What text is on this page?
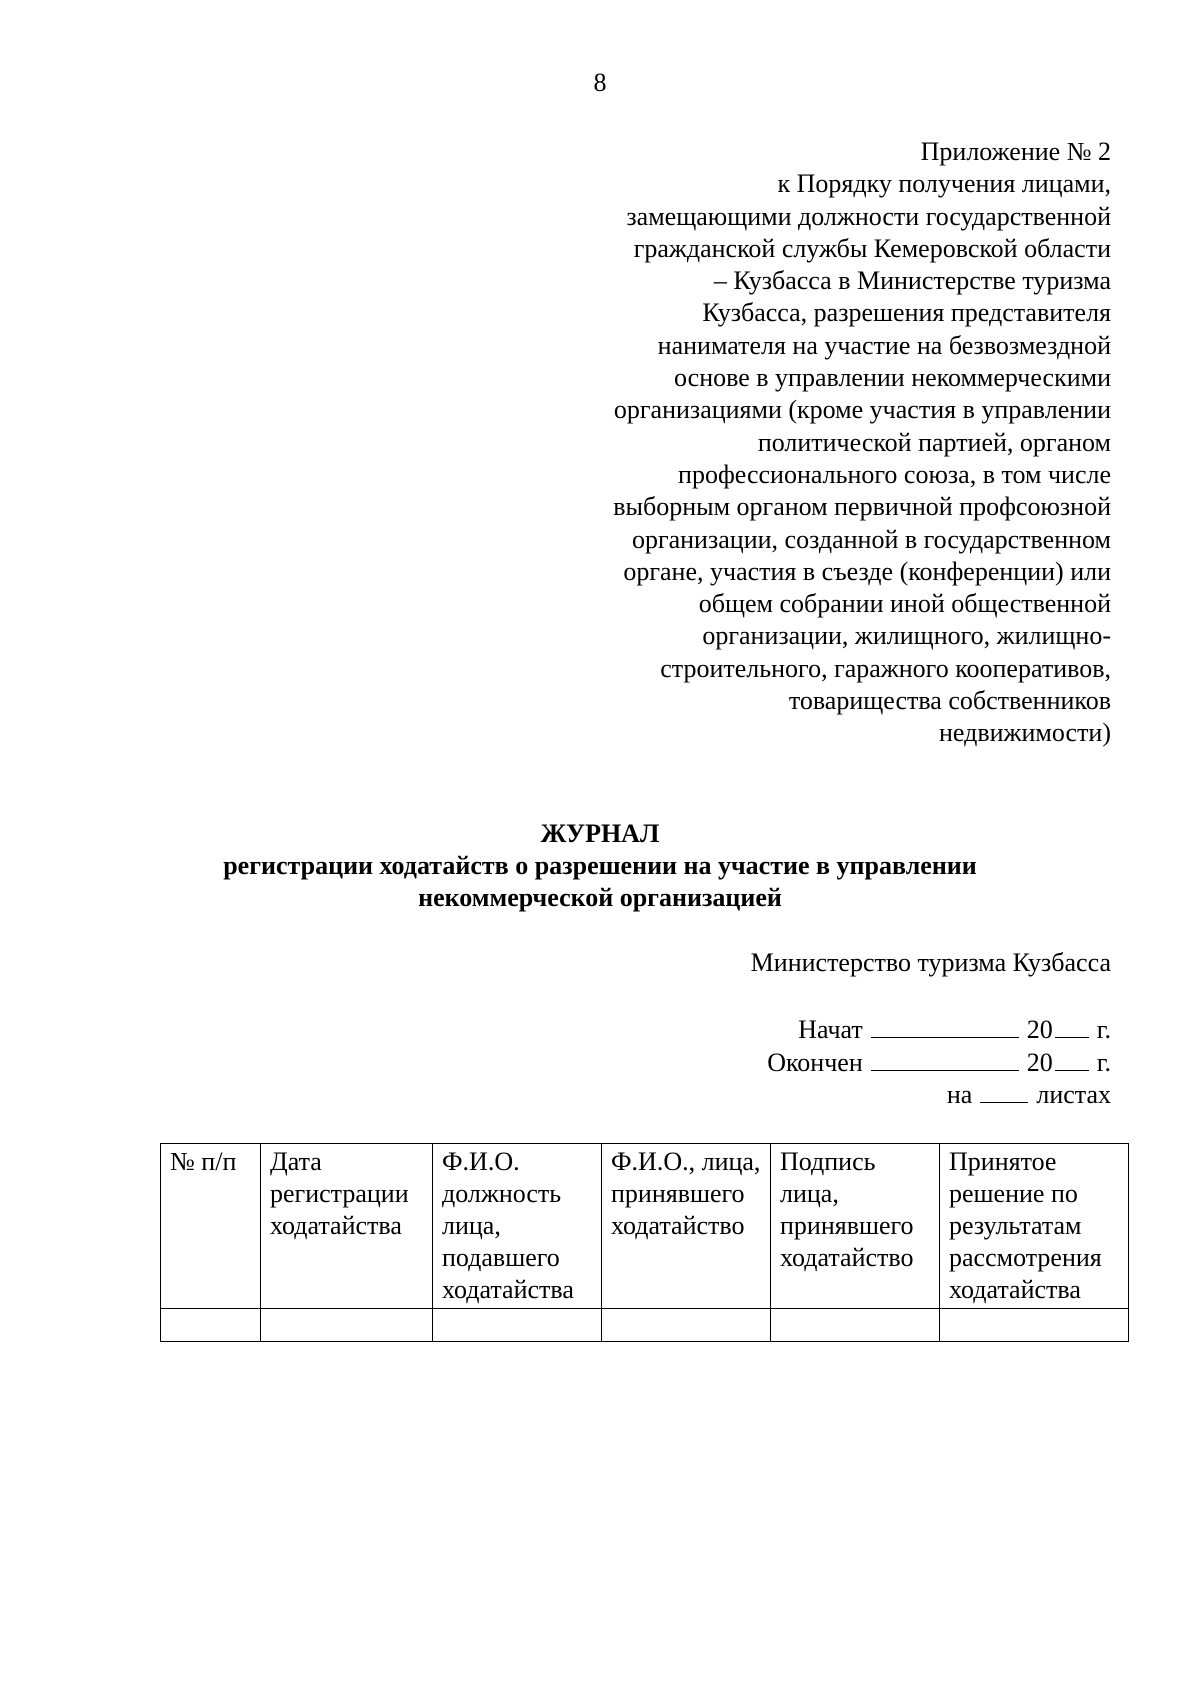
8
Приложение № 2
к Порядку получения лицами,
замещающими должности государственной
гражданской службы Кемеровской области
– Кузбасса в Министерстве туризма
Кузбасса, разрешения представителя
нанимателя на участие на безвозмездной
основе в управлении некоммерческими
организациями (кроме участия в управлении
политической партией, органом
профессионального союза, в том числе
выборным органом первичной профсоюзной
организации, созданной в государственном
органе, участия в съезде (конференции) или
общем собрании иной общественной
организации, жилищного, жилищно-
строительного, гаражного кооперативов,
товарищества собственников
недвижимости)
ЖУРНАЛ
регистрации ходатайств о разрешении на участие в управлении
некоммерческой организацией
Министерство туризма Кузбасса
Начат	20 г.
Окончен	20 г.
на листах
№ п/п	Дата регистрации ходатайства	Ф.И.О. должность лица, подавшего ходатайства	Ф.И.О., лица, принявшего ходатайство	Подпись лица, принявшего ходатайство	Принятое решение по результатам рассмотрения ходатайства
